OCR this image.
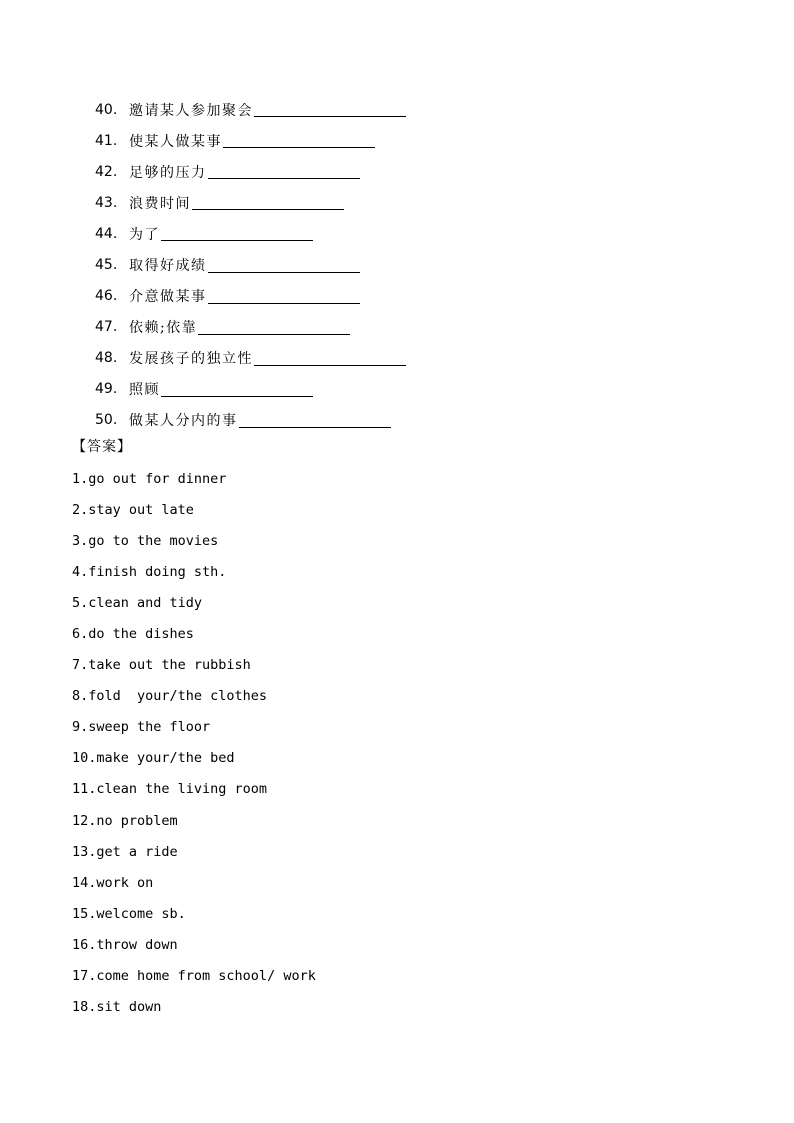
40. 邀请某人参加聚会
41. 使某人做某事
42. 足够的压力
43. 浪费时间
44. 为了
45. 取得好成绩
46. 介意做某事
47. 依赖;依靠
48. 发展孩子的独立性
49. 照顾
50. 做某人分内的事
【答案】
1.go out for dinner
2.stay out late
3.go to the movies
4.finish doing sth.
5.clean and tidy
6.do the dishes
7.take out the rubbish
8.fold  your/the clothes
9.sweep the floor
10.make your/the bed
11.clean the living room
12.no problem
13.get a ride
14.work on
15.welcome sb.
16.throw down
17.come home from school/ work
18.sit down
